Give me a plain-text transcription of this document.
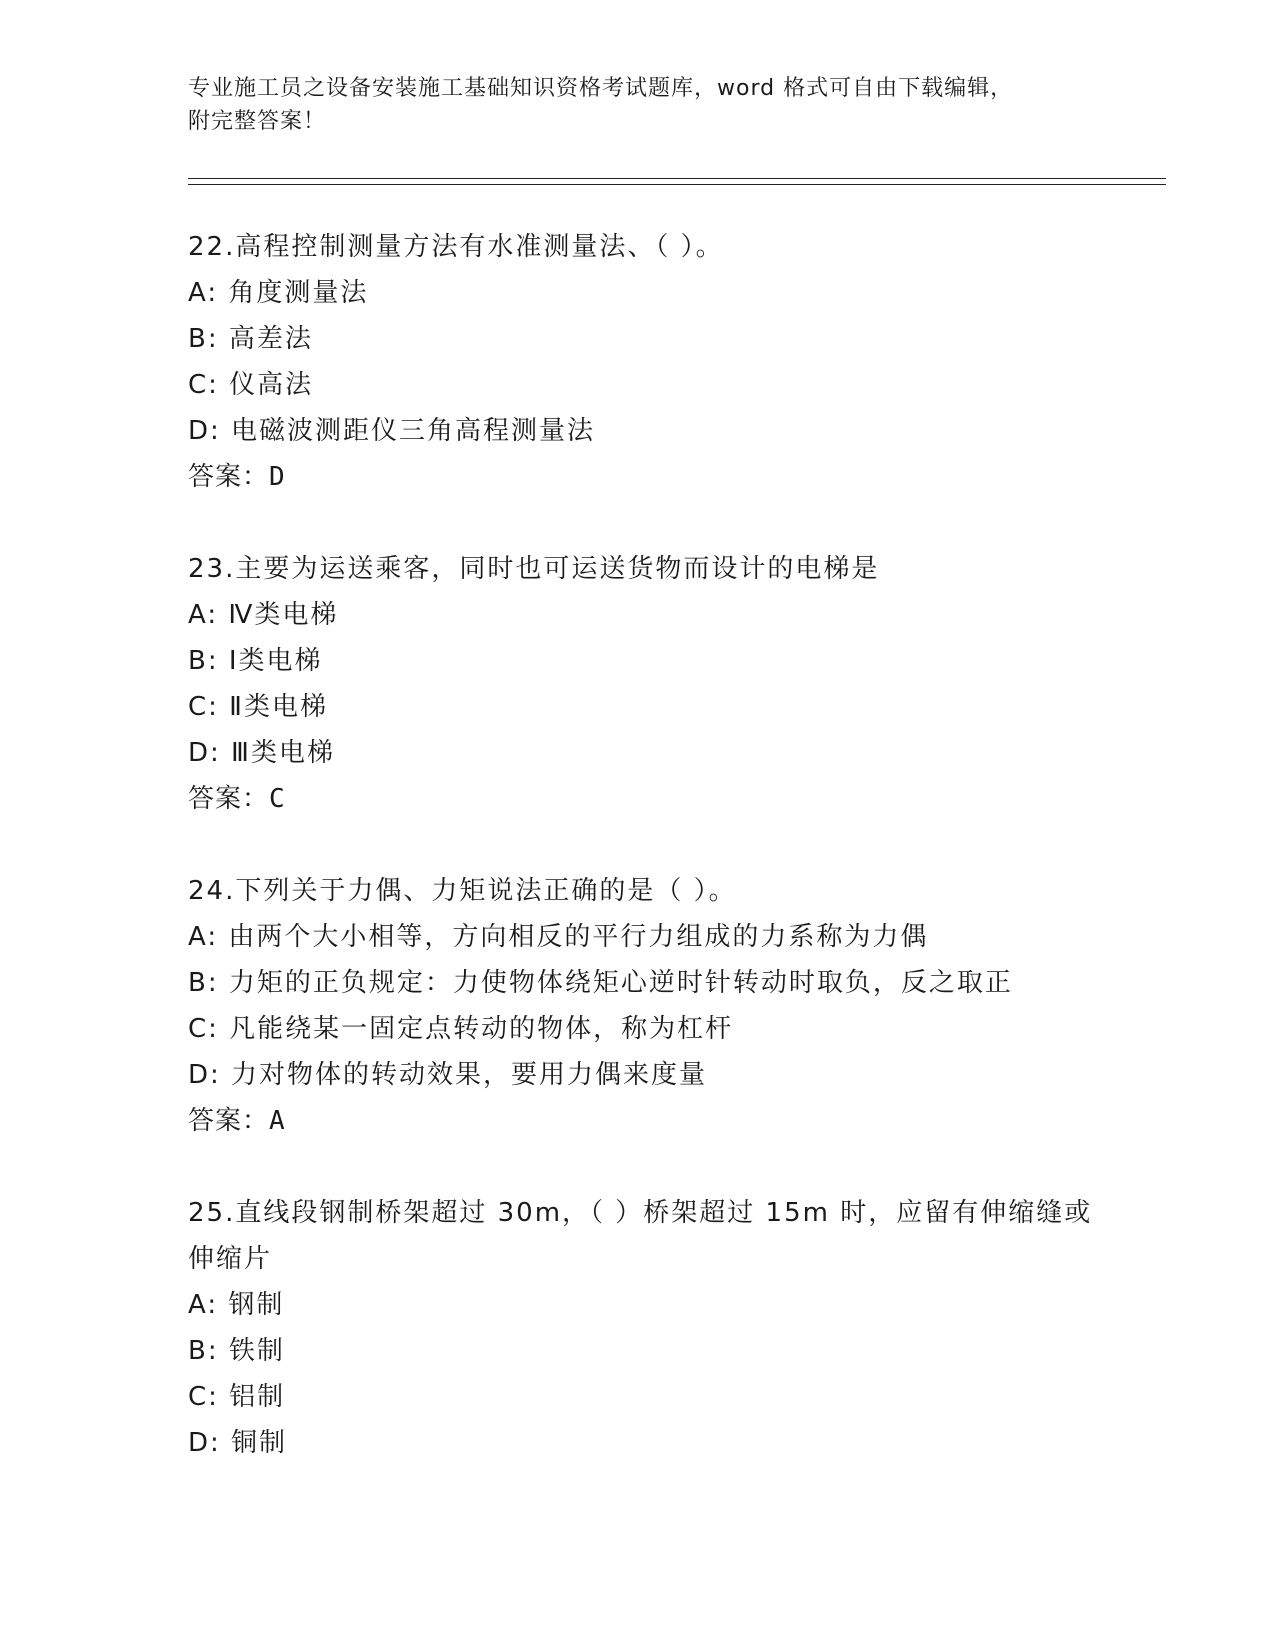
专业施工员之设备安装施工基础知识资格考试题库，word 格式可自由下载编辑，
附完整答案！
22.高程控制测量方法有水准测量法、（ ）。
A: 角度测量法
B: 高差法
C: 仪高法
D: 电磁波测距仪三角高程测量法
答案：D
23.主要为运送乘客，同时也可运送货物而设计的电梯是
A: Ⅳ类电梯
B: Ⅰ类电梯
C: Ⅱ类电梯
D: Ⅲ类电梯
答案：C
24.下列关于力偶、力矩说法正确的是（ ）。
A: 由两个大小相等，方向相反的平行力组成的力系称为力偶
B: 力矩的正负规定：力使物体绕矩心逆时针转动时取负，反之取正
C: 凡能绕某一固定点转动的物体，称为杠杆
D: 力对物体的转动效果，要用力偶来度量
答案：A
25.直线段钢制桥架超过 30m，（ ）桥架超过 15m 时，应留有伸缩缝或
伸缩片
A: 钢制
B: 铁制
C: 铝制
D: 铜制
